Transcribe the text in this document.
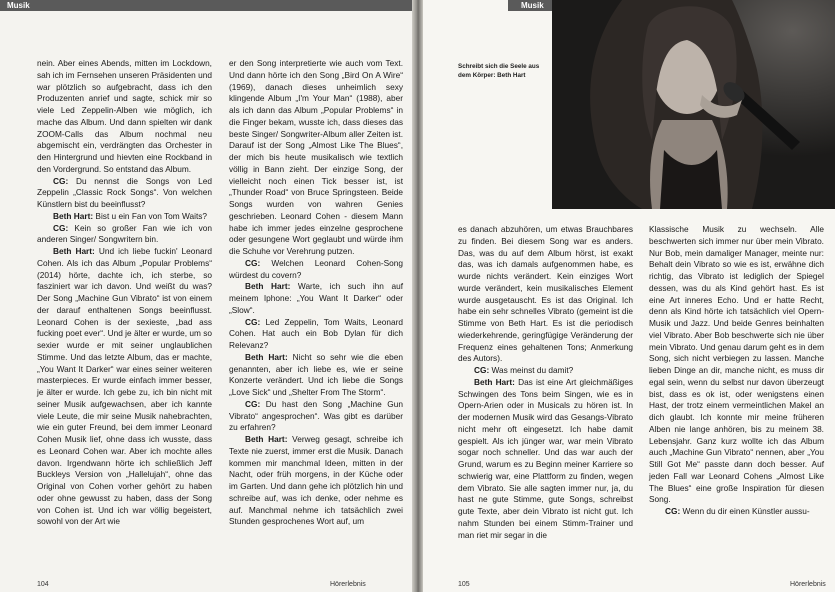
Musik

nein. Aber eines Abends, mitten im Lockdown, sah ich im Fernsehen unseren Präsidenten und war plötzlich so aufgebracht, dass ich den Produzenten anrief und sagte, schick mir so viele Led Zeppelin-Alben wie möglich, ich mache das Album. Und dann spielten wir dank ZOOM-Calls das Album nochmal neu abgemischt ein, verdrängten das Orchester in den Hintergrund und hievten eine Rockband in den Vordergrund. So entstand das Album.

CG: Du nennst die Songs von Led Zeppelin „Classic Rock Songs“. Von welchen Künstlern bist du beeinflusst?

Beth Hart: Bist u ein Fan von Tom Waits?

CG: Kein so großer Fan wie ich von anderen Singer/ Songwritern bin.

Beth Hart: Und ich liebe fuckin' Leonard Cohen. Als ich das Album „Popular Problems“ (2014) hörte, dachte ich, ich sterbe, so fasziniert war ich davon. Und weißt du was? Der Song „Machine Gun Vibrato“ ist von einem der darauf enthaltenen Songs beeinflusst. Leonard Cohen is der sexieste, „bad ass fucking poet ever“. Und je älter er wurde, um so sexier wurde er mit seiner unglaublichen Stimme. Und das letzte Album, das er machte, „You Want It Darker“ war eines seiner weiteren masterpieces. Er wurde einfach immer besser, je älter er wurde. Ich gebe zu, ich bin nicht mit seiner Musik aufgewachsen, aber ich kannte viele Leute, die mir seine Musik nahebrachten, wie ein guter Freund, bei dem immer Leonard Cohen Musik lief, ohne dass ich wusste, dass es Leonard Cohen war. Aber ich mochte alles davon. Irgendwann hörte ich schließlich Jeff Buckleys Version von „Hallelujah“, ohne das Original von Cohen vorher gehört zu haben oder ohne gewusst zu haben, dass der Song von Cohen ist. Und ich war völlig begeistert, sowohl von der Art wie

er den Song interpretierte wie auch vom Text. Und dann hörte ich den Song „Bird On A Wire“ (1969), danach dieses unheimlich sexy klingende Album „I'm Your Man“ (1988), aber als ich dann das Album „Popular Problems“ in die Finger bekam, wusste ich, dass dieses das beste Singer/ Songwriter-Album aller Zeiten ist. Darauf ist der Song „Almost Like The Blues“, der mich bis heute musikalisch wie textlich völlig in Bann zieht. Der einzige Song, der vielleicht noch einen Tick besser ist, ist „Thunder Road“ von Bruce Springsteen. Beide Songs wurden von wahren Genies geschrieben. Leonard Cohen - diesem Mann habe ich immer jedes einzelne gesprochene oder gesungene Wort geglaubt und würde ihm die Schuhe vor Verehrung putzen.

CG: Welchen Leonard Cohen-Song würdest du covern?

Beth Hart: Warte, ich such ihn auf meinem Iphone: „You Want It Darker“ oder „Slow“.

CG: Led Zeppelin, Tom Waits, Leonard Cohen. Hat auch ein Bob Dylan für dich Relevanz?

Beth Hart: Nicht so sehr wie die eben genannten, aber ich liebe es, wie er seine Konzerte verändert. Und ich liebe die Songs „Love Sick“ und „Shelter From The Storm“.

CG: Du hast den Song „Machine Gun Vibrato“ angesprochen“. Was gibt es darüber zu erfahren?

Beth Hart: Verweg gesagt, schreibe ich Texte nie zuerst, immer erst die Musik. Danach kommen mir manchmal Ideen, mitten in der Nacht, oder früh morgens, in der Küche oder im Garten. Und dann gehe ich plötzlich hin und schreibe auf, was ich denke, oder nehme es auf. Manchmal nehme ich tatsächlich zwei Stunden gesprochenes Wort auf, um

104	Hörerlebnis
Musik
Schreibt sich die Seele aus dem Körper: Beth Hart

es danach abzuhören, um etwas Brauchbares zu finden. Bei diesem Song war es anders. Das, was du auf dem Album hörst, ist exakt das, was ich damals aufgenommen habe, es wurde nichts verändert. Kein einziges Wort wurde verändert, kein musikalisches Element wurde ausgetauscht. Es ist das Original. Ich habe ein sehr schnelles Vibrato (gemeint ist die Stimme von Beth Hart. Es ist die periodisch wiederkehrende, geringfügige Veränderung der Frequenz eines gehaltenen Tons; Anmerkung des Autors).

CG: Was meinst du damit?

Beth Hart: Das ist eine Art gleichmäßiges Schwingen des Tons beim Singen, wie es in Opern-Arien oder in Musicals zu hören ist. In der modernen Musik wird das Gesangs-Vibrato nicht mehr oft eingesetzt. Ich habe damit gespielt. Als ich jünger war, war mein Vibrato sogar noch schneller. Und das war auch der Grund, warum es zu Beginn meiner Karriere so schwierig war, eine Plattform zu finden, wegen dem Vibrato. Sie alle sagten immer nur, ja, du hast ne gute Stimme, gute Songs, schreibst gute Texte, aber dein Vibrato ist nicht gut. Ich nahm Stunden bei einem Stimm-Trainer und man riet mir segar in die

Klassische Musik zu wechseln. Alle beschwerten sich immer nur über mein Vibrato. Nur Bob, mein damaliger Manager, meinte nur: Behalt dein Vibrato so wie es ist, erwähne dich richtig, das Vibrato ist lediglich der Spiegel dessen, was du als Kind gehört hast. Es ist eine Art inneres Echo. Und er hatte Recht, denn als Kind hörte ich tatsächlich viel Opern-Musik und Jazz. Und beide Genres beinhalten viel Vibrato. Aber Bob beschwerte sich nie über mein Vibrato. Und genau darum geht es in dem Song, sich nicht verbiegen zu lassen. Manche lieben Dinge an dir, manche nicht, es muss dir egal sein, wenn du selbst nur davon überzeugt bist, dass es ok ist, oder wenigstens einen Hast, der trotz einem vermeintlichen Makel an dich glaubt. Ich konnte mir meine früheren Alben nie lange anhören, bis zu meinem 38. Lebensjahr. Ganz kurz wollte ich das Album auch „Machine Gun Vibrato“ nennen, aber „You Still Got Me“ passte dann doch besser. Auf jeden Fall war Leonard Cohens „Almost Like The Blues“ eine große Inspiration für diesen Song.

CG: Wenn du dir einen Künstler aussu-

105	Hörerlebnis
